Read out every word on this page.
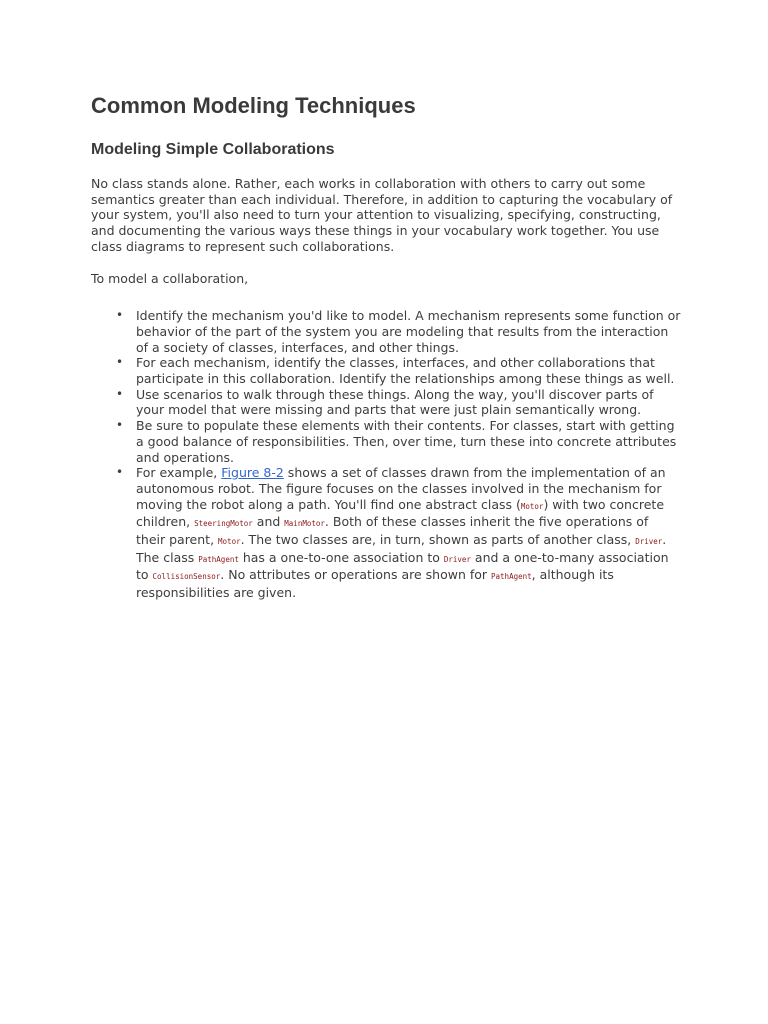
Common Modeling Techniques
Modeling Simple Collaborations

No class stands alone. Rather, each works in collaboration with others to carry out some semantics greater than each individual. Therefore, in addition to capturing the vocabulary of your system, you'll also need to turn your attention to visualizing, specifying, constructing, and documenting the various ways these things in your vocabulary work together. You use class diagrams to represent such collaborations.

To model a collaboration,

• Identify the mechanism you'd like to model. A mechanism represents some function or behavior of the part of the system you are modeling that results from the interaction of a society of classes, interfaces, and other things.
• For each mechanism, identify the classes, interfaces, and other collaborations that participate in this collaboration. Identify the relationships among these things as well.
• Use scenarios to walk through these things. Along the way, you'll discover parts of your model that were missing and parts that were just plain semantically wrong.
• Be sure to populate these elements with their contents. For classes, start with getting a good balance of responsibilities. Then, over time, turn these into concrete attributes and operations.
• For example, Figure 8-2 shows a set of classes drawn from the implementation of an autonomous robot. The figure focuses on the classes involved in the mechanism for moving the robot along a path. You'll find one abstract class (Motor) with two concrete children, SteeringMotor and MainMotor. Both of these classes inherit the five operations of their parent, Motor. The two classes are, in turn, shown as parts of another class, Driver. The class PathAgent has a one-to-one association to Driver and a one-to-many association to CollisionSensor. No attributes or operations are shown for PathAgent, although its responsibilities are given.
